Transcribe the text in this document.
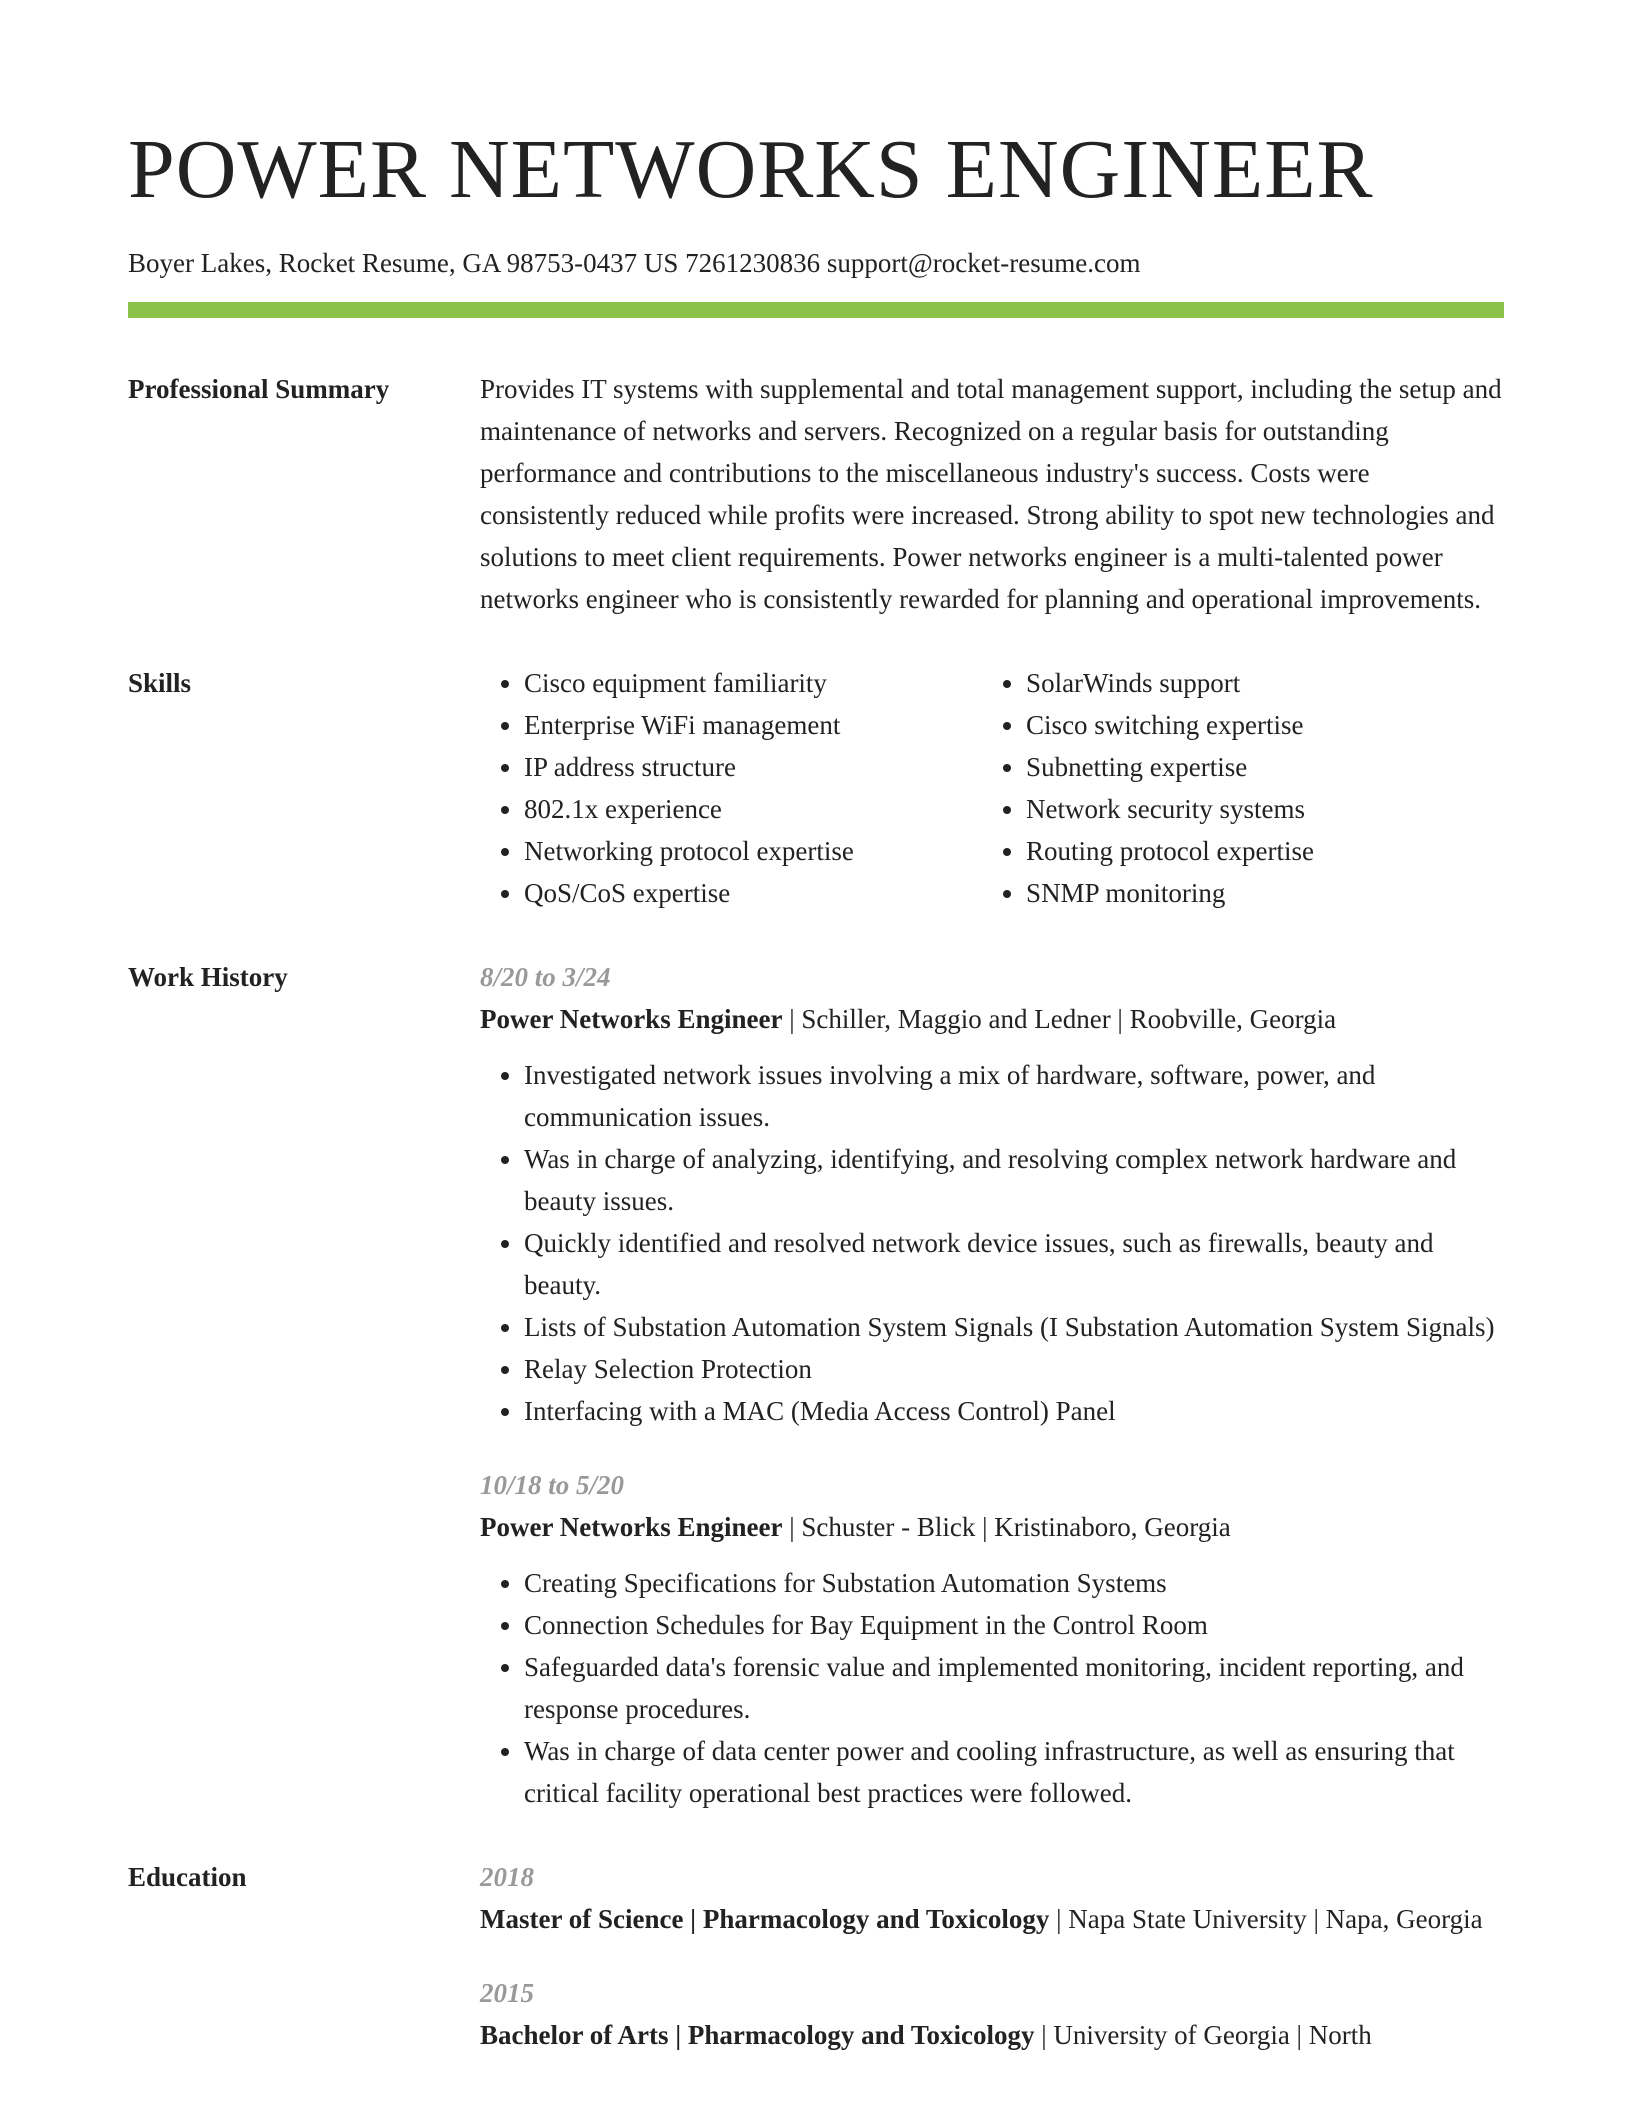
POWER NETWORKS ENGINEER
Boyer Lakes, Rocket Resume, GA 98753-0437 US 7261230836 support@rocket-resume.com
Professional Summary	Provides IT systems with supplemental and total management support, including the setup and maintenance of networks and servers. Recognized on a regular basis for outstanding performance and contributions to the miscellaneous industry's success. Costs were consistently reduced while profits were increased. Strong ability to spot new technologies and solutions to meet client requirements. Power networks engineer is a multi-talented power networks engineer who is consistently rewarded for planning and operational improvements.

Skills
•	Cisco equipment familiarity
• Enterprise WiFi management
• IP address structure
• 802.1x experience
• Networking protocol expertise
• QoS/CoS expertise
• SolarWinds support
• Cisco switching expertise
• Subnetting expertise
• Network security systems
• Routing protocol expertise
• SNMP monitoring
Work History	8/20 to 3/24
Power Networks Engineer | Schiller, Maggio and Ledner | Roobville, Georgia
• Investigated network issues involving a mix of hardware, software, power, and communication issues.
• Was in charge of analyzing, identifying, and resolving complex network hardware and beauty issues.
• Quickly identified and resolved network device issues, such as firewalls, beauty and beauty.
• Lists of Substation Automation System Signals (I Substation Automation System Signals)
• Relay Selection Protection
• Interfacing with a MAC (Media Access Control) Panel
10/18 to 5/20
Power Networks Engineer | Schuster - Blick | Kristinaboro, Georgia
• Creating Specifications for Substation Automation Systems
• Connection Schedules for Bay Equipment in the Control Room
• Safeguarded data's forensic value and implemented monitoring, incident reporting, and response procedures.
• Was in charge of data center power and cooling infrastructure, as well as ensuring that critical facility operational best practices were followed.
Education	2018
Master of Science | Pharmacology and Toxicology | Napa State University | Napa, Georgia
2015
Bachelor of Arts | Pharmacology and Toxicology | University of Georgia | North
